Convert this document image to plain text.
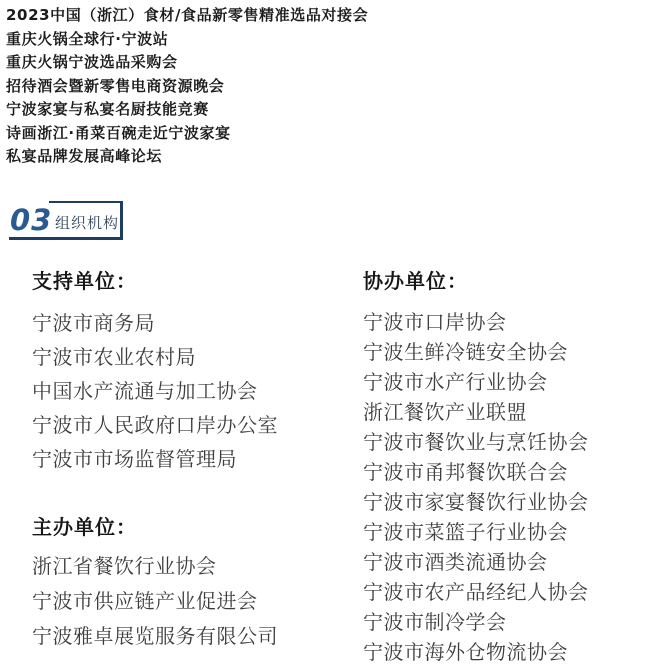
2023中国（浙江）食材/食品新零售精准选品对接会
重庆火锅全球行·宁波站
重庆火锅宁波选品采购会
招待酒会暨新零售电商资源晚会
宁波家宴与私宴名厨技能竞赛
诗画浙江·甬菜百碗走近宁波家宴
私宴品牌发展高峰论坛
03 组织机构
支持单位：
宁波市商务局
宁波市农业农村局
中国水产流通与加工协会
宁波市人民政府口岸办公室
宁波市市场监督管理局
主办单位：
浙江省餐饮行业协会
宁波市供应链产业促进会
宁波雅卓展览服务有限公司
协办单位：
宁波市口岸协会
宁波生鲜冷链安全协会
宁波市水产行业协会
浙江餐饮产业联盟
宁波市餐饮业与烹饪协会
宁波市甬邦餐饮联合会
宁波市家宴餐饮行业协会
宁波市菜篮子行业协会
宁波市酒类流通协会
宁波市农产品经纪人协会
宁波市制冷学会
宁波市海外仓物流协会
